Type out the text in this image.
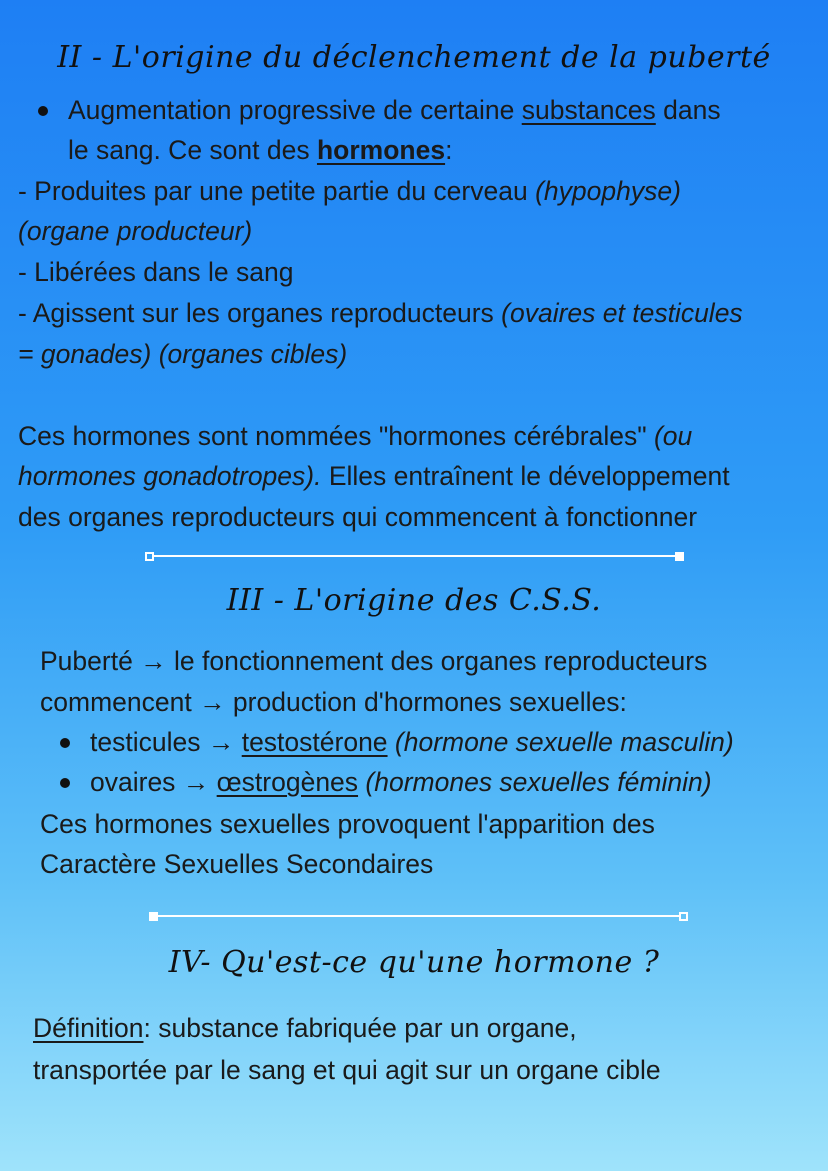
II - L'origine du déclenchement de la puberté
Augmentation progressive de certaine substances dans
le sang. Ce sont des hormones:
- Produites par une petite partie du cerveau (hypophyse)
(organe producteur)
- Libérées dans le sang
- Agissent sur les organes reproducteurs (ovaires et testicules
= gonades) (organes cibles)
Ces hormones sont nommées "hormones cérébrales" (ou
hormones gonadotropes). Elles entraînent le développement
des organes reproducteurs qui commencent à fonctionner
III - L'origine des C.S.S.
Puberté → le fonctionnement des organes reproducteurs
commencent → production d'hormones sexuelles:
testicules → testostérone (hormone sexuelle masculin)
ovaires → œstrogènes (hormones sexuelles féminin)
Ces hormones sexuelles provoquent l'apparition des
Caractère Sexuelles Secondaires
IV- Qu'est-ce qu'une hormone ?
Définition: substance fabriquée par un organe,
transportée par le sang et qui agit sur un organe cible
